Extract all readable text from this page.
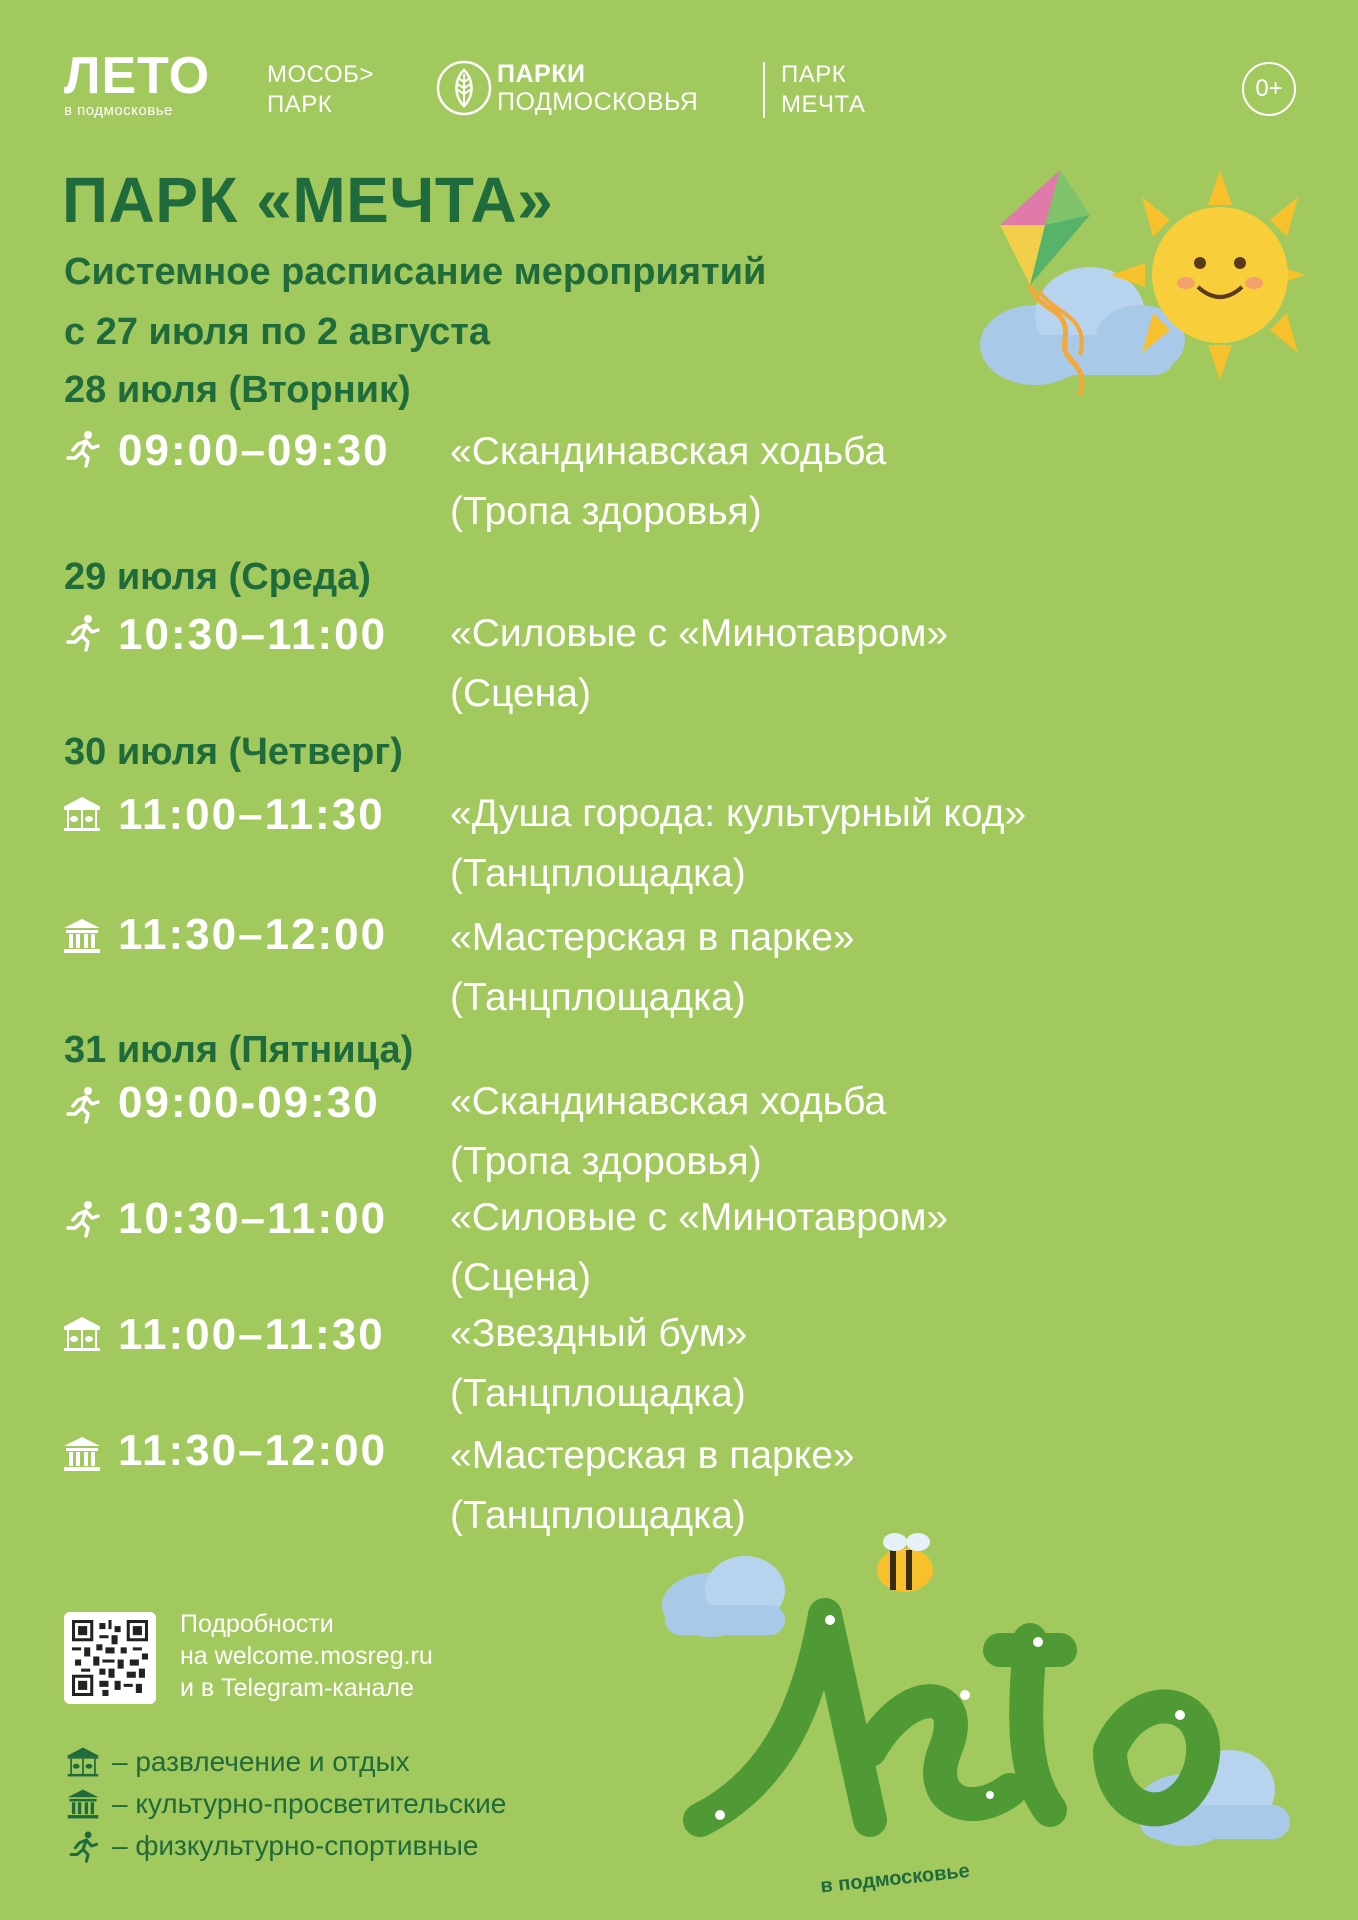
ЛЕТО
в подмосковье
МОСОБ>
ПАРК
ПАРКИ
ПОДМОСКОВЬЯ
ПАРК
МЕЧТА
0+
ПАРК «МЕЧТА»
Системное расписание мероприятий
с 27 июля по 2 августа
28 июля (Вторник)
09:00–09:30 «Скандинавская ходьба
(Тропа здоровья)
29 июля (Среда)
10:30–11:00 «Силовые с «Минотавром»
(Сцена)
30 июля (Четверг)
11:00–11:30 «Душа города: культурный код»
(Танцплощадка)
11:30–12:00 «Мастерская в парке»
(Танцплощадка)
31 июля (Пятница)
09:00-09:30 «Скандинавская ходьба
(Тропа здоровья)
10:30–11:00 «Силовые с «Минотавром»
(Сцена)
11:00–11:30 «Звездный бум»
(Танцплощадка)
11:30–12:00 «Мастерская в парке»
(Танцплощадка)
Подробности
на welcome.mosreg.ru
и в Telegram-канале
– развлечение и отдых
– культурно-просветительские
– физкультурно-спортивные
в подмосковье
